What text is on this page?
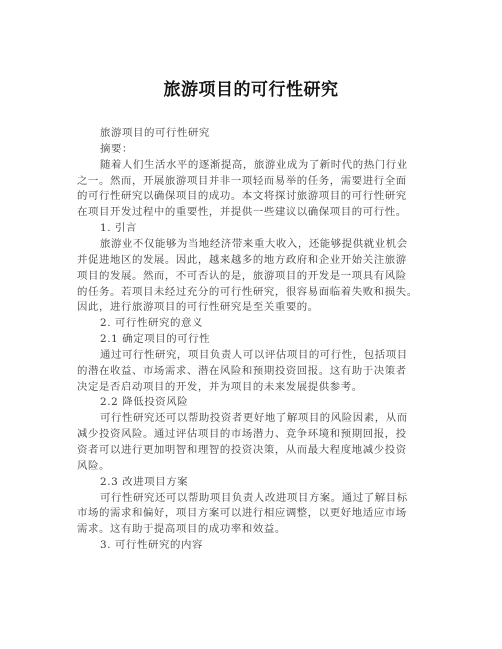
旅游项目的可行性研究
旅游项目的可行性研究
摘要：
随着人们生活水平的逐渐提高，旅游业成为了新时代的热门行业
之一。然而，开展旅游项目并非一项轻而易举的任务，需要进行全面
的可行性研究以确保项目的成功。本文将探讨旅游项目的可行性研究
在项目开发过程中的重要性，并提供一些建议以确保项目的可行性。
1. 引言
旅游业不仅能够为当地经济带来重大收入，还能够提供就业机会
并促进地区的发展。因此，越来越多的地方政府和企业开始关注旅游
项目的发展。然而，不可否认的是，旅游项目的开发是一项具有风险
的任务。若项目未经过充分的可行性研究，很容易面临着失败和损失。
因此，进行旅游项目的可行性研究是至关重要的。
2. 可行性研究的意义
2.1 确定项目的可行性
通过可行性研究，项目负责人可以评估项目的可行性，包括项目
的潜在收益、市场需求、潜在风险和预期投资回报。这有助于决策者
决定是否启动项目的开发，并为项目的未来发展提供参考。
2.2 降低投资风险
可行性研究还可以帮助投资者更好地了解项目的风险因素，从而
减少投资风险。通过评估项目的市场潜力、竞争环境和预期回报，投
资者可以进行更加明智和理智的投资决策，从而最大程度地减少投资
风险。
2.3 改进项目方案
可行性研究还可以帮助项目负责人改进项目方案。通过了解目标
市场的需求和偏好，项目方案可以进行相应调整，以更好地适应市场
需求。这有助于提高项目的成功率和效益。
3. 可行性研究的内容
